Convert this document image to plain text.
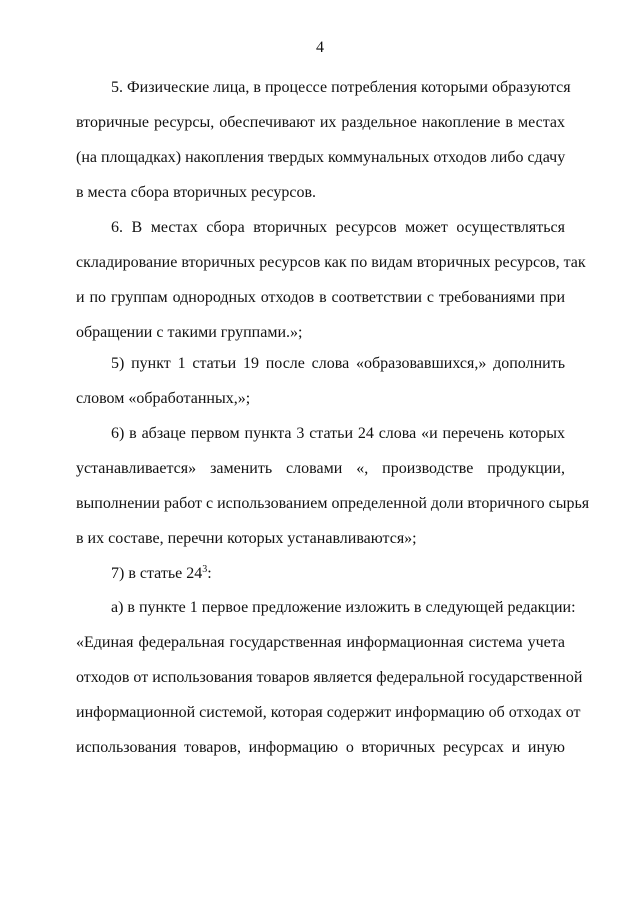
4
5. Физические лица, в процессе потребления которыми образуются
вторичные ресурсы, обеспечивают их раздельное накопление в местах
(на площадках) накопления твердых коммунальных отходов либо сдачу
в места сбора вторичных ресурсов.
6. В местах сбора вторичных ресурсов может осуществляться
складирование вторичных ресурсов как по видам вторичных ресурсов, так
и по группам однородных отходов в соответствии с требованиями при
обращении с такими группами.»;
5) пункт 1 статьи 19 после слова «образовавшихся,» дополнить
словом «обработанных,»;
6) в абзаце первом пункта 3 статьи 24 слова «и перечень которых
устанавливается» заменить словами «, производстве продукции,
выполнении работ с использованием определенной доли вторичного сырья
в их составе, перечни которых устанавливаются»;
7) в статье $24^3$:
а) в пункте 1 первое предложение изложить в следующей редакции:
«Единая федеральная государственная информационная система учета
отходов от использования товаров является федеральной государственной
информационной системой, которая содержит информацию об отходах от
использования товаров, информацию о вторичных ресурсах и иную
